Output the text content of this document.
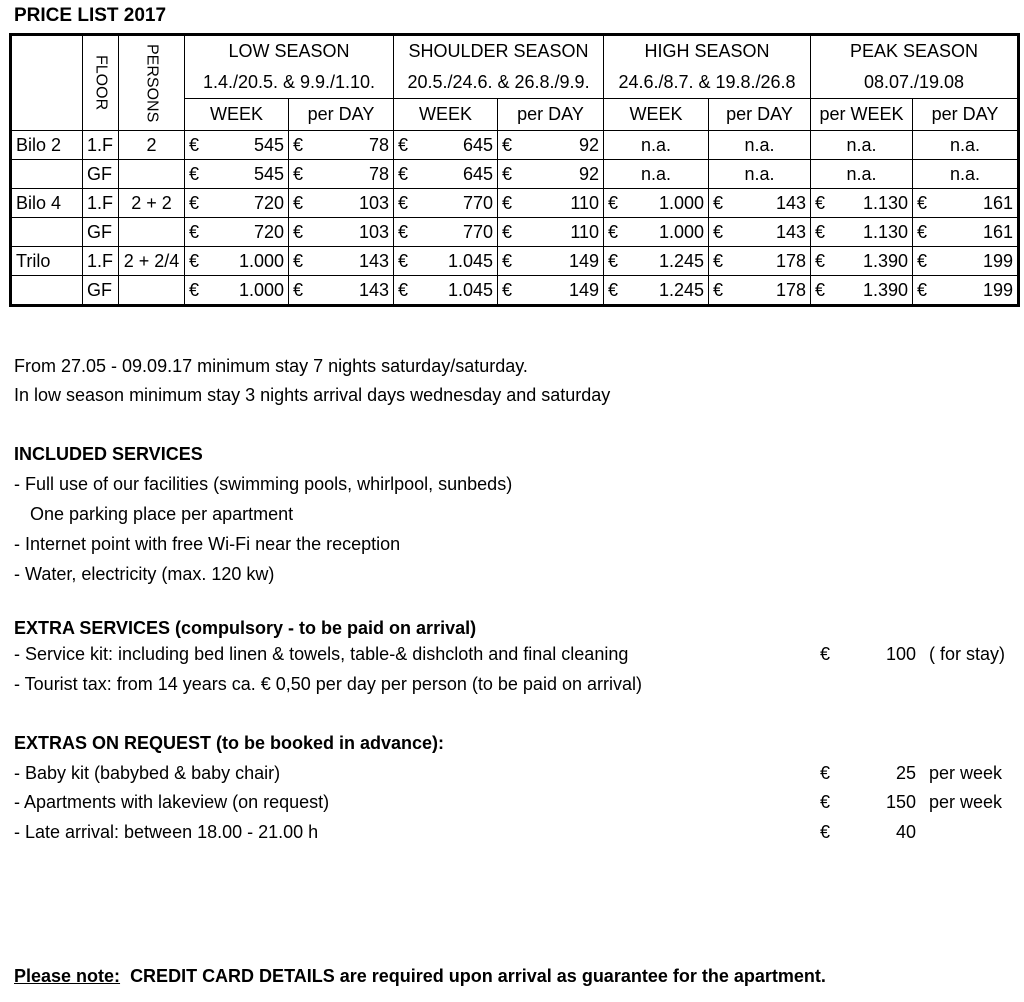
PRICE LIST 2017
	FLOOR	PERSONS	LOW SEASON		SHOULDER SEASON		HIGH SEASON		PEAK SEASON	
			1.4./20.5. & 9.9./1.10.		20.5./24.6. & 26.8./9.9.		24.6./8.7. & 19.8./26.8		08.07./19.08	
			WEEK	per DAY	WEEK	per DAY	WEEK	per DAY	per WEEK	per DAY
Bilo 2	1.F	2	€ 545	€ 78	€ 645	€ 92	n.a.	n.a.	n.a.	n.a.
	GF		€ 545	€ 78	€ 645	€ 92	n.a.	n.a.	n.a.	n.a.
Bilo 4	1.F	2 + 2	€ 720	€ 103	€ 770	€ 110	€ 1.000	€ 143	€ 1.130	€ 161

	GF		€ 720	€ 103	€ 770	€ 110	€ 1.000	€ 143	€ 1.130	€ 161

Trilo	1.F	2 + 2/4	€ 1.000	€ 143	€ 1.045	€ 149	€ 1.245	€ 178	€ 1.390	€ 199

	GF		€ 1.000	€ 143	€ 1.045	€ 149	€ 1.245	€ 178	€ 1.390	€ 199
From 27.05 - 09.09.17 minimum stay 7 nights saturday/saturday.
In low season minimum stay 3 nights arrival days wednesday and saturday
INCLUDED SERVICES
- Full use of our facilities (swimming pools, whirlpool, sunbeds)
One parking place per apartment
- Internet point with free Wi-Fi near the reception
- Water, electricity (max. 120 kw)
EXTRA SERVICES (compulsory - to be paid on arrival)
- Service kit: including bed linen & towels, table-& dishcloth and final cleaning	€	100 ( for stay)
- Tourist tax: from 14 years ca. € 0,50 per day per person (to be paid on arrival)
EXTRAS ON REQUEST (to be booked in advance):
- Baby kit (babybed & baby chair)	€	25 per week
- Apartments with lakeview (on request)	€	150 per week
- Late arrival: between 18.00 - 21.00 h	€	40
Please note: CREDIT CARD DETAILS are required upon arrival as guarantee for the apartment.
